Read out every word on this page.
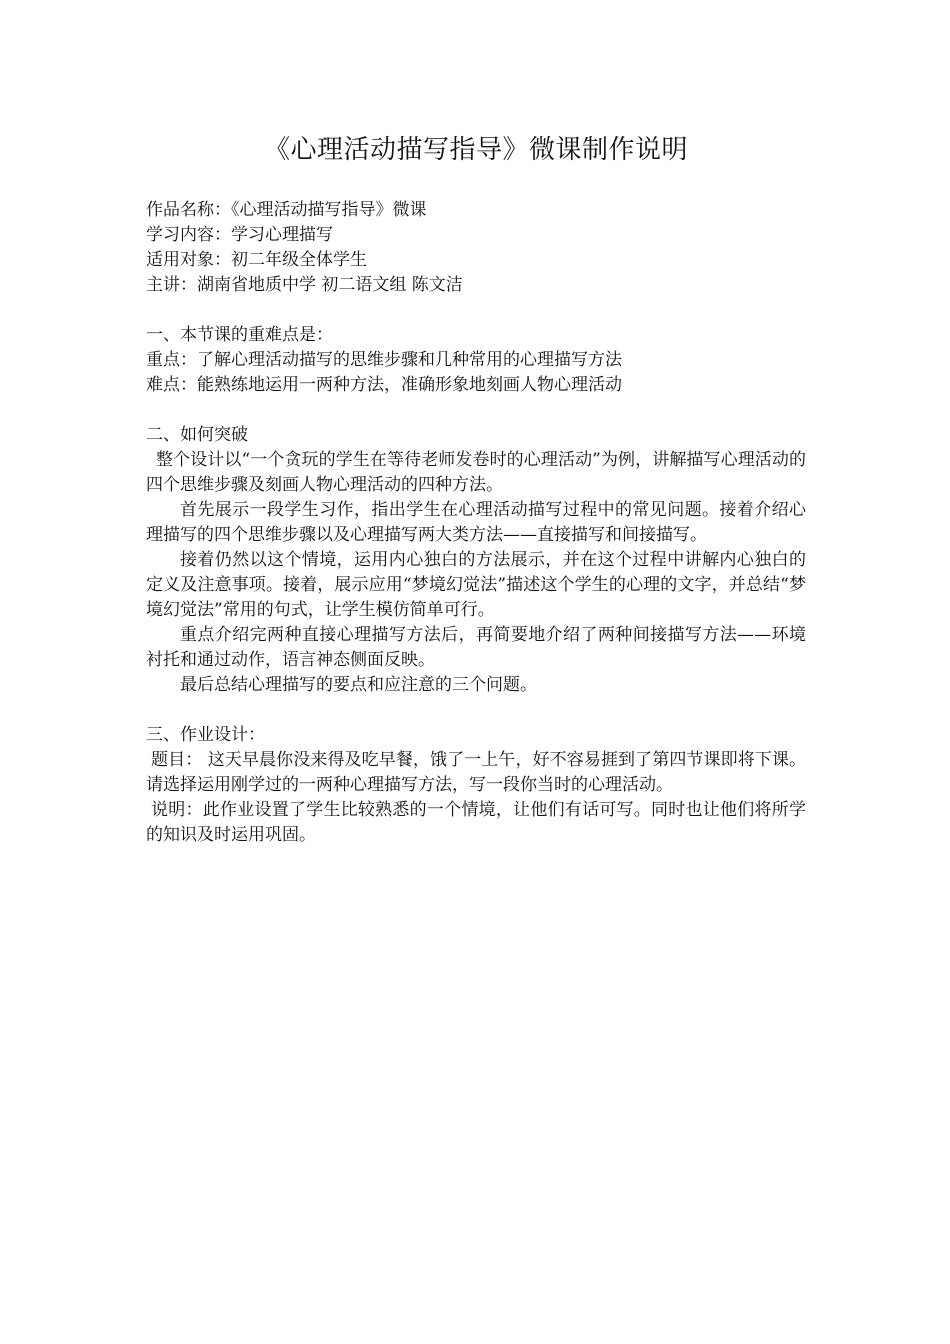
《心理活动描写指导》微课制作说明

作品名称：《心理活动描写指导》微课

学习内容：学习心理描写

适用对象：初二年级全体学生

主讲：湖南省地质中学 初二语文组 陈文洁

一、本节课的重难点是：

重点：了解心理活动描写的思维步骤和几种常用的心理描写方法

难点：能熟练地运用一两种方法，准确形象地刻画人物心理活动

二、如何突破

整个设计以“一个贪玩的学生在等待老师发卷时的心理活动”为例，讲解描写心理活动的四个思维步骤及刻画人物心理活动的四种方法。

首先展示一段学生习作，指出学生在心理活动描写过程中的常见问题。接着介绍心理描写的四个思维步骤以及心理描写两大类方法——直接描写和间接描写。

接着仍然以这个情境，运用内心独白的方法展示，并在这个过程中讲解内心独白的定义及注意事项。接着，展示应用“梦境幻觉法”描述这个学生的心理的文字，并总结“梦境幻觉法”常用的句式，让学生模仿简单可行。

重点介绍完两种直接心理描写方法后，再简要地介绍了两种间接描写方法——环境衬托和通过动作，语言神态侧面反映。

最后总结心理描写的要点和应注意的三个问题。

三、作业设计：

题目： 这天早晨你没来得及吃早餐，饿了一上午，好不容易捱到了第四节课即将下课。请选择运用刚学过的一两种心理描写方法，写一段你当时的心理活动。

说明：此作业设置了学生比较熟悉的一个情境，让他们有话可写。同时也让他们将所学的知识及时运用巩固。
